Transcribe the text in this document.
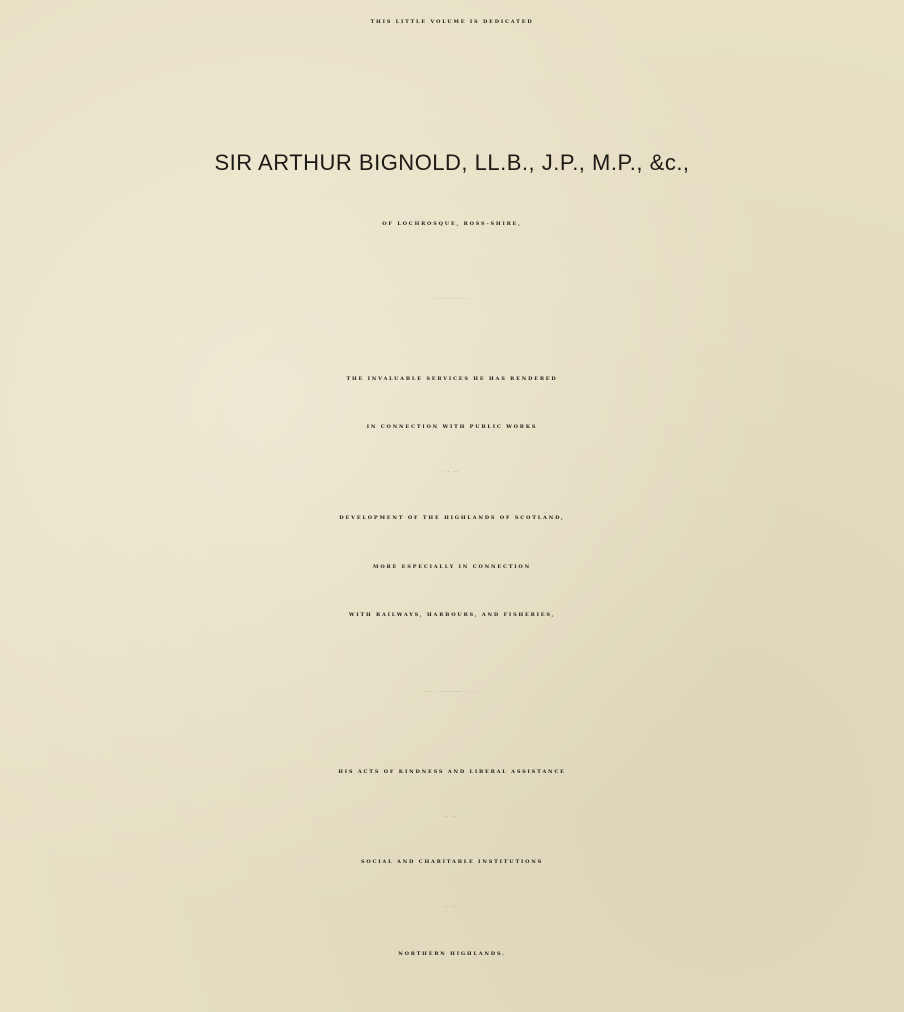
THIS LITTLE VOLUME IS DEDICATED
SIR ARTHUR BIGNOLD, LL.B., J.P., M.P., &c.,
OF LOCHROSQUE, ROSS-SHIRE,
IN RECOGNITION OF
THE INVALUABLE SERVICES HE HAS RENDERED
IN CONNECTION WITH PUBLIC WORKS
FOR THE
DEVELOPMENT OF THE HIGHLANDS OF SCOTLAND,
MORE ESPECIALLY IN CONNECTION
WITH RAILWAYS, HARBOURS, AND FISHERIES,
AND IN REMEMBRANCE OF
HIS ACTS OF KINDNESS AND LIBERAL ASSISTANCE
TO THE
SOCIAL AND CHARITABLE INSTITUTIONS
OF THE
NORTHERN HIGHLANDS.
